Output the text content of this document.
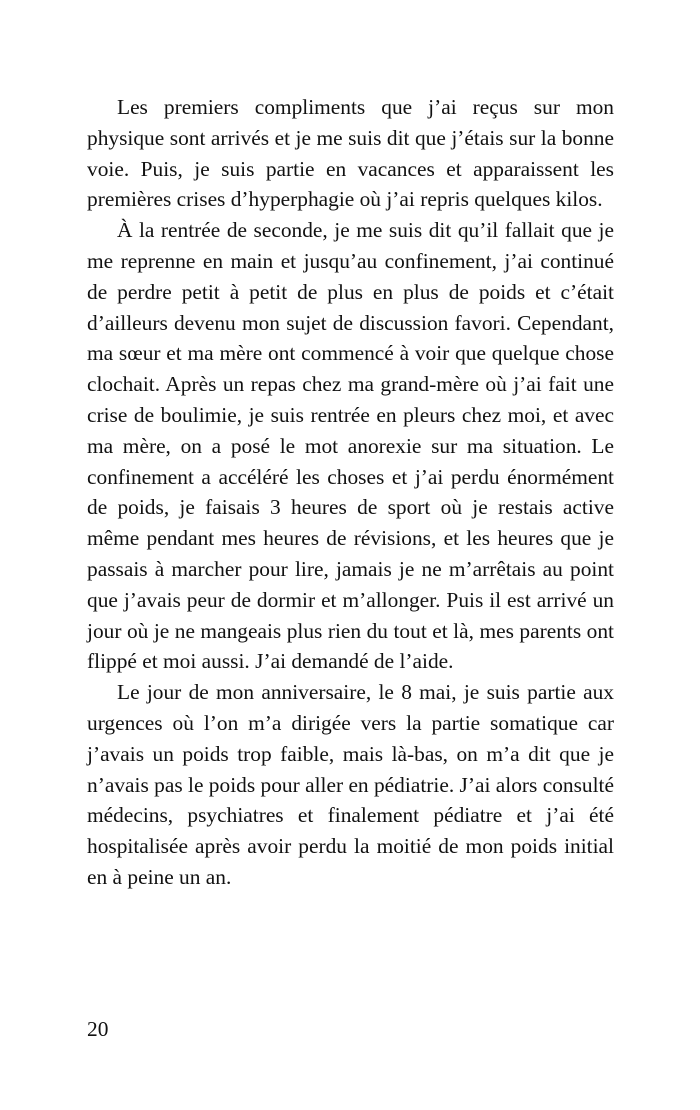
Les premiers compliments que j’ai reçus sur mon physique sont arrivés et je me suis dit que j’étais sur la bonne voie. Puis, je suis partie en vacances et apparaissent les premières crises d’hyperphagie où j’ai repris quelques kilos.

À la rentrée de seconde, je me suis dit qu’il fallait que je me reprenne en main et jusqu’au confinement, j’ai continué de perdre petit à petit de plus en plus de poids et c’était d’ailleurs devenu mon sujet de discussion favori. Cependant, ma sœur et ma mère ont commencé à voir que quelque chose clochait. Après un repas chez ma grand-mère où j’ai fait une crise de boulimie, je suis rentrée en pleurs chez moi, et avec ma mère, on a posé le mot anorexie sur ma situation. Le confinement a accéléré les choses et j’ai perdu énormément de poids, je faisais 3 heures de sport où je restais active même pendant mes heures de révisions, et les heures que je passais à marcher pour lire, jamais je ne m’arrêtais au point que j’avais peur de dormir et m’allonger. Puis il est arrivé un jour où je ne mangeais plus rien du tout et là, mes parents ont flippé et moi aussi. J’ai demandé de l’aide.

Le jour de mon anniversaire, le 8 mai, je suis partie aux urgences où l’on m’a dirigée vers la partie somatique car j’avais un poids trop faible, mais là-bas, on m’a dit que je n’avais pas le poids pour aller en pédiatrie. J’ai alors consulté médecins, psychiatres et finalement pédiatre et j’ai été hospitalisée après avoir perdu la moitié de mon poids initial en à peine un an.

20
